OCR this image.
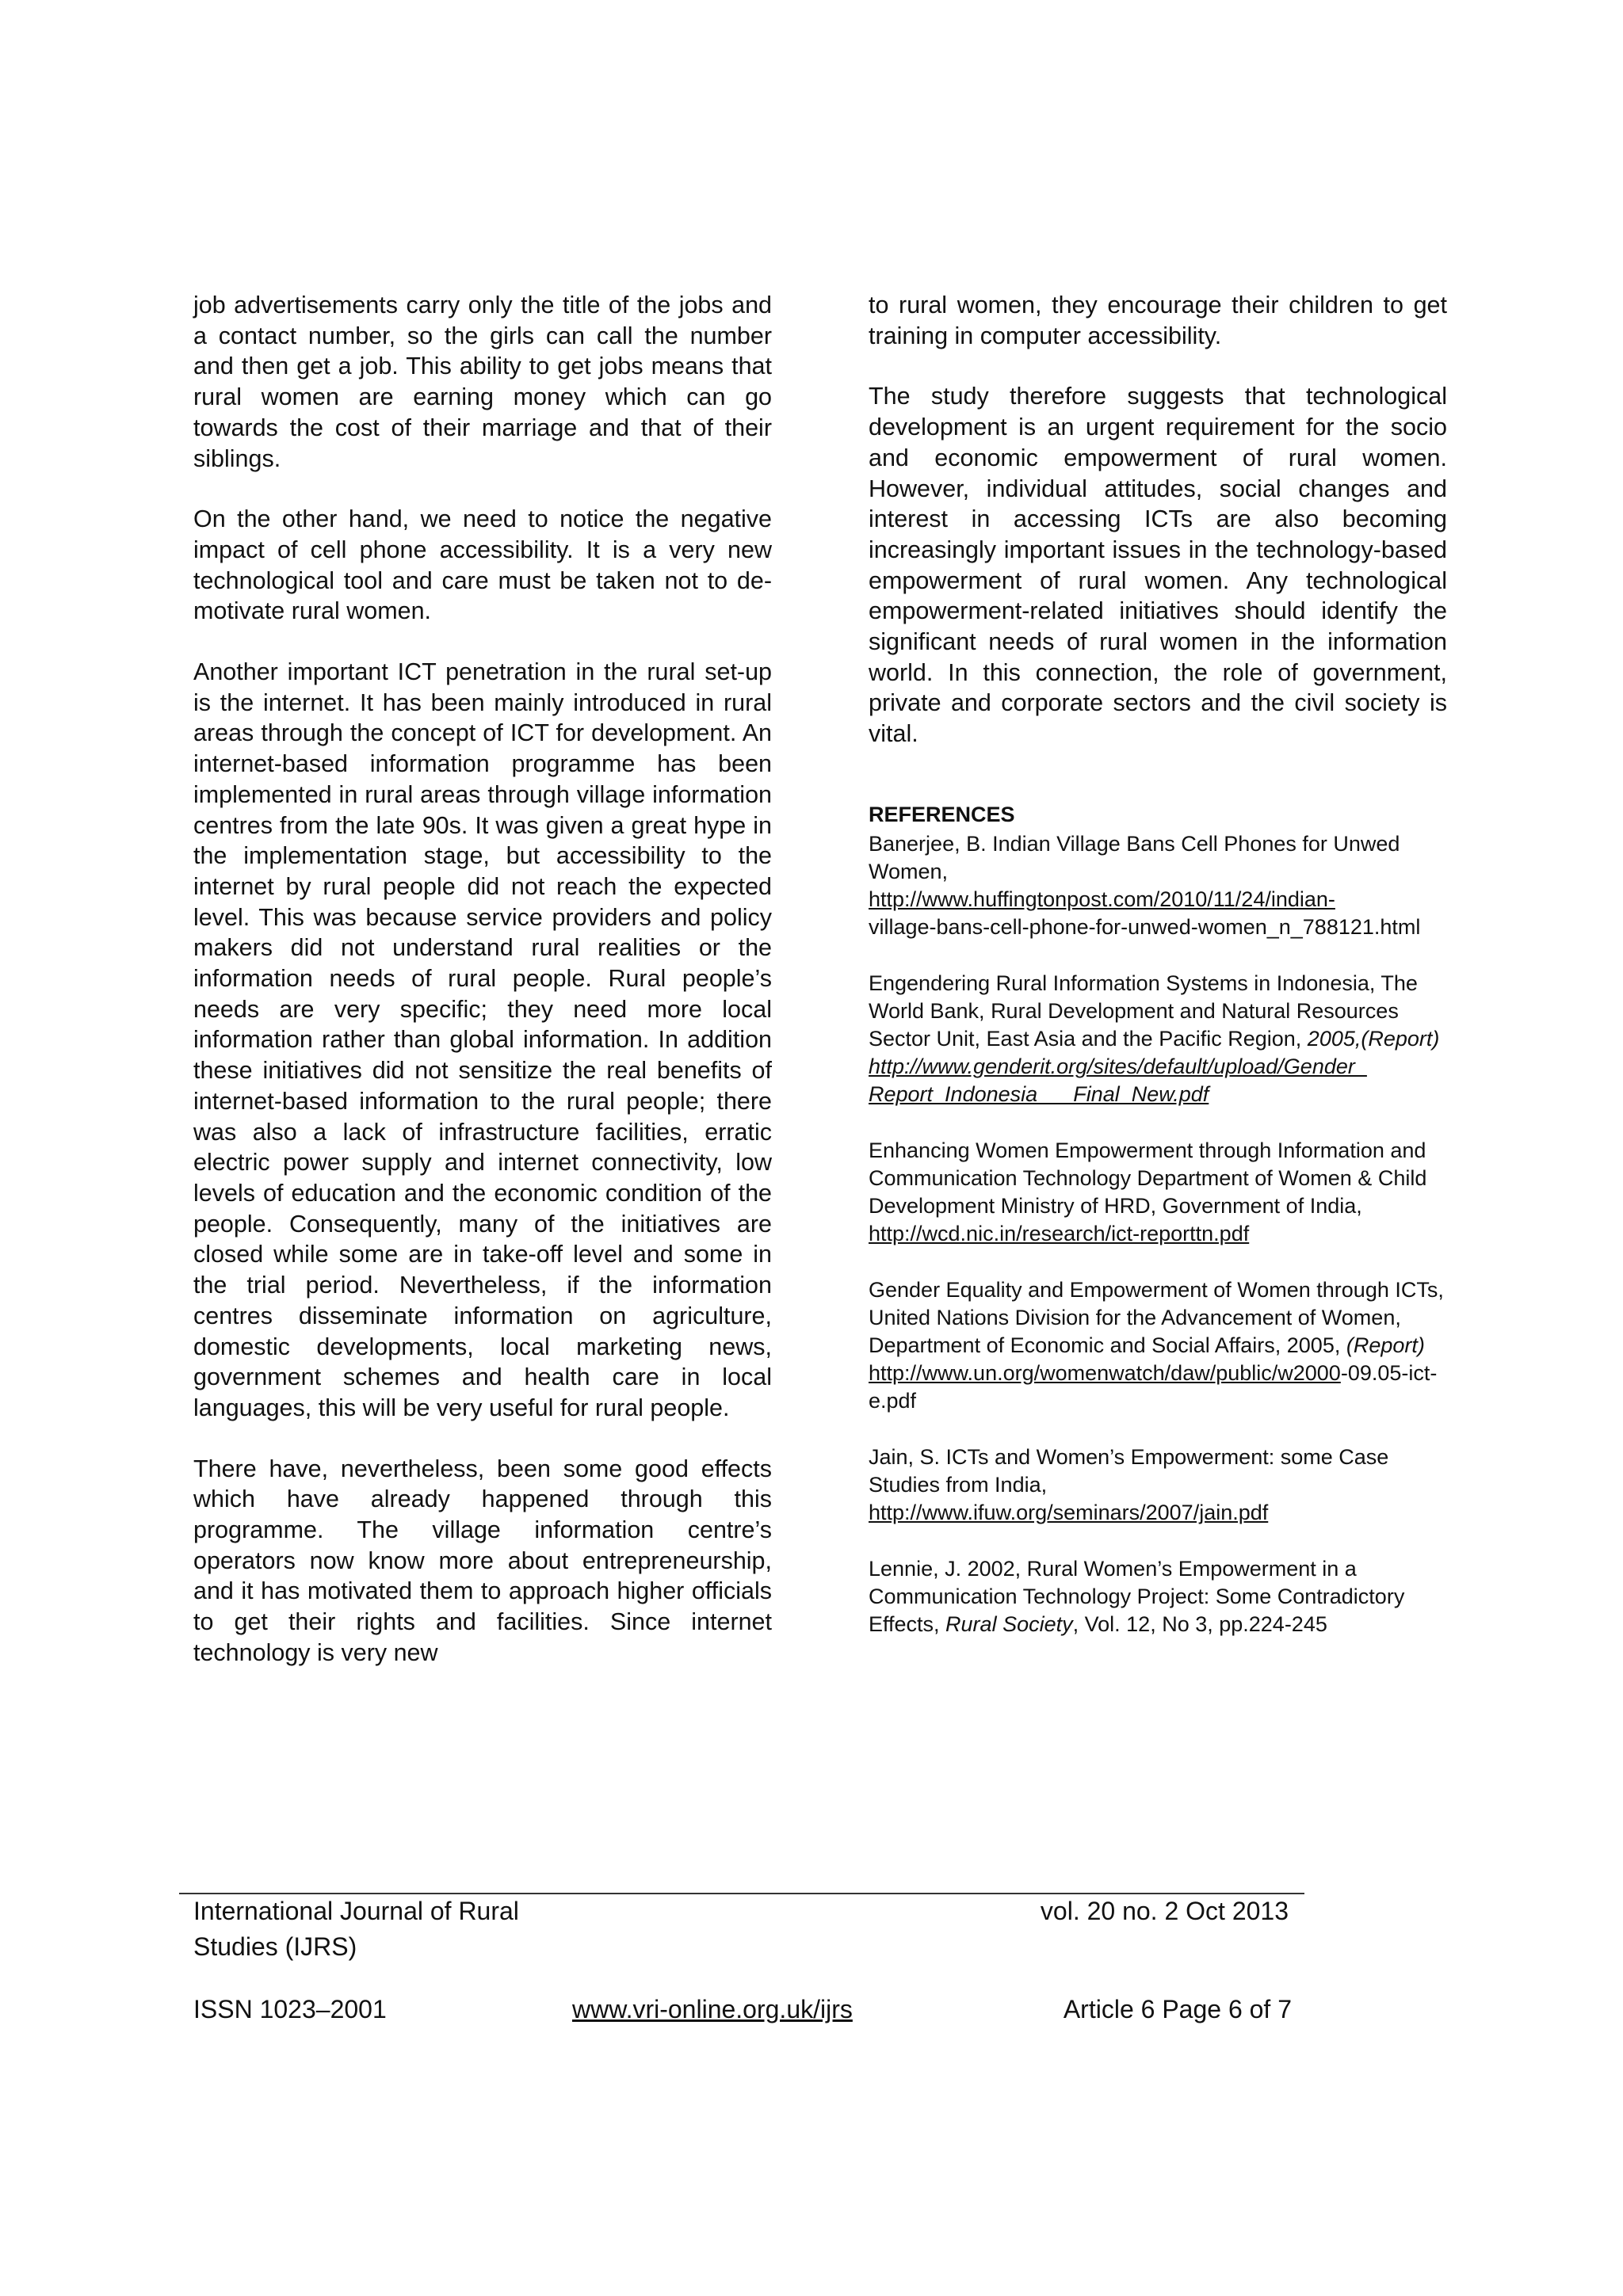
job advertisements carry only the title of the jobs and a contact number, so the girls can call the number and then get a job. This ability to get jobs means that rural women are earning money which can go towards the cost of their marriage and that of their siblings.

On the other hand, we need to notice the negative impact of cell phone accessibility. It is a very new technological tool and care must be taken not to de-motivate rural women.

Another important ICT penetration in the rural set-up is the internet. It has been mainly introduced in rural areas through the concept of ICT for development. An internet-based information programme has been implemented in rural areas through village information centres from the late 90s. It was given a great hype in the implementation stage, but accessibility to the internet by rural people did not reach the expected level. This was because service providers and policy makers did not understand rural realities or the information needs of rural people. Rural people’s needs are very specific; they need more local information rather than global information. In addition these initiatives did not sensitize the real benefits of internet-based information to the rural people; there was also a lack of infrastructure facilities, erratic electric power supply and internet connectivity, low levels of education and the economic condition of the people. Consequently, many of the initiatives are closed while some are in take-off level and some in the trial period. Nevertheless, if the information centres disseminate information on agriculture, domestic developments, local marketing news, government schemes and health care in local languages, this will be very useful for rural people.

There have, nevertheless, been some good effects which have already happened through this programme. The village information centre’s operators now know more about entrepreneurship, and it has motivated them to approach higher officials to get their rights and facilities. Since internet technology is very new

to rural women, they encourage their children to get training in computer accessibility.

The study therefore suggests that technological development is an urgent requirement for the socio and economic empowerment of rural women. However, individual attitudes, social changes and interest in accessing ICTs are also becoming increasingly important issues in the technology-based empowerment of rural women. Any technological empowerment-related initiatives should identify the significant needs of rural women in the information world. In this connection, the role of government, private and corporate sectors and the civil society is vital.

REFERENCES
Banerjee, B. Indian Village Bans Cell Phones for Unwed Women,
http://www.huffingtonpost.com/2010/11/24/indian-
village-bans-cell-phone-for-unwed-women_n_788121.html
Engendering Rural Information Systems in Indonesia, The World Bank, Rural Development and Natural Resources Sector Unit, East Asia and the Pacific Region, 2005,(Report)
http://www.genderit.org/sites/default/upload/Gender_
Report_Indonesia___Final_New.pdf
Enhancing Women Empowerment through Information and Communication Technology Department of Women & Child Development Ministry of HRD, Government of India,
http://wcd.nic.in/research/ict-reporttn.pdf
Gender Equality and Empowerment of Women through ICTs, United Nations Division for the Advancement of Women, Department of Economic and Social Affairs, 2005, (Report)
http://www.un.org/womenwatch/daw/public/w2000-09.05-ict-e.pdf
Jain, S. ICTs and Women’s Empowerment: some Case Studies from India,
http://www.ifuw.org/seminars/2007/jain.pdf
Lennie, J. 2002, Rural Women’s Empowerment in a Communication Technology Project: Some Contradictory Effects, Rural Society, Vol. 12, No 3, pp.224-245
International Journal of Rural Studies (IJRS)
vol. 20 no. 2 Oct 2013
ISSN 1023–2001	www.vri-online.org.uk/ijrs	Article 6 Page 6 of 7
